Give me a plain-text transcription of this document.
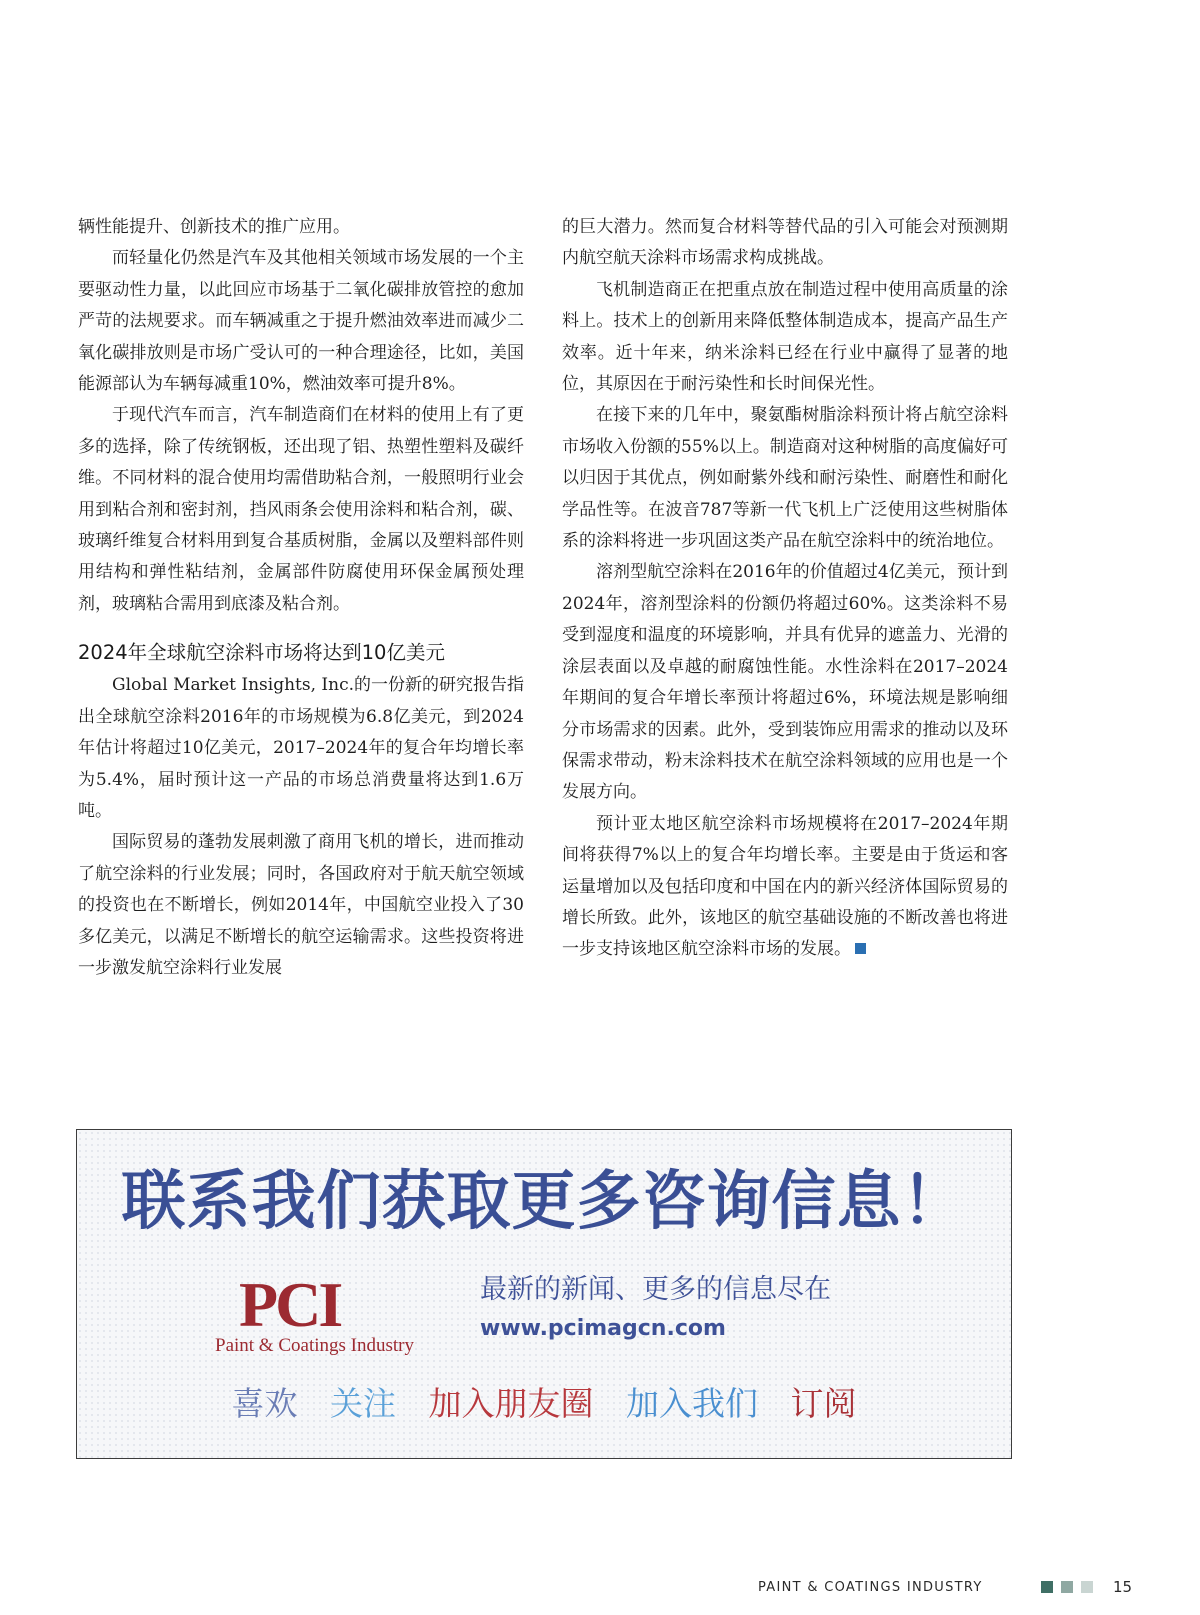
辆性能提升、创新技术的推广应用。

而轻量化仍然是汽车及其他相关领域市场发展的一个主要驱动性力量，以此回应市场基于二氧化碳排放管控的愈加严苛的法规要求。而车辆减重之于提升燃油效率进而减少二氧化碳排放则是市场广受认可的一种合理途径，比如，美国能源部认为车辆每减重10%，燃油效率可提升8%。

于现代汽车而言，汽车制造商们在材料的使用上有了更多的选择，除了传统钢板，还出现了铝、热塑性塑料及碳纤维。不同材料的混合使用均需借助粘合剂，一般照明行业会用到粘合剂和密封剂，挡风雨条会使用涂料和粘合剂，碳、玻璃纤维复合材料用到复合基质树脂，金属以及塑料部件则用结构和弹性粘结剂，金属部件防腐使用环保金属预处理剂，玻璃粘合需用到底漆及粘合剂。

2024年全球航空涂料市场将达到10亿美元

Global Market Insights, Inc.的一份新的研究报告指出全球航空涂料2016年的市场规模为6.8亿美元，到2024年估计将超过10亿美元，2017–2024年的复合年均增长率为5.4%，届时预计这一产品的市场总消费量将达到1.6万吨。

国际贸易的蓬勃发展刺激了商用飞机的增长，进而推动了航空涂料的行业发展；同时，各国政府对于航天航空领域的投资也在不断增长，例如2014年，中国航空业投入了30多亿美元，以满足不断增长的航空运输需求。这些投资将进一步激发航空涂料行业发展

的巨大潜力。然而复合材料等替代品的引入可能会对预测期内航空航天涂料市场需求构成挑战。

飞机制造商正在把重点放在制造过程中使用高质量的涂料上。技术上的创新用来降低整体制造成本，提高产品生产效率。近十年来，纳米涂料已经在行业中赢得了显著的地位，其原因在于耐污染性和长时间保光性。

在接下来的几年中，聚氨酯树脂涂料预计将占航空涂料市场收入份额的55%以上。制造商对这种树脂的高度偏好可以归因于其优点，例如耐紫外线和耐污染性、耐磨性和耐化学品性等。在波音787等新一代飞机上广泛使用这些树脂体系的涂料将进一步巩固这类产品在航空涂料中的统治地位。

溶剂型航空涂料在2016年的价值超过4亿美元，预计到2024年，溶剂型涂料的份额仍将超过60%。这类涂料不易受到湿度和温度的环境影响，并具有优异的遮盖力、光滑的涂层表面以及卓越的耐腐蚀性能。水性涂料在2017–2024年期间的复合年增长率预计将超过6%，环境法规是影响细分市场需求的因素。此外，受到装饰应用需求的推动以及环保需求带动，粉末涂料技术在航空涂料领域的应用也是一个发展方向。

预计亚太地区航空涂料市场规模将在2017–2024年期间将获得7%以上的复合年均增长率。主要是由于货运和客运量增加以及包括印度和中国在内的新兴经济体国际贸易的增长所致。此外，该地区的航空基础设施的不断改善也将进一步支持该地区航空涂料市场的发展。

联系我们获取更多咨询信息！
PCI
Paint & Coatings Industry
最新的新闻、更多的信息尽在
www.pcimagcn.com
喜欢 关注 加入朋友圈 加入我们 订阅
PAINT & COATINGS INDUSTRY	15
